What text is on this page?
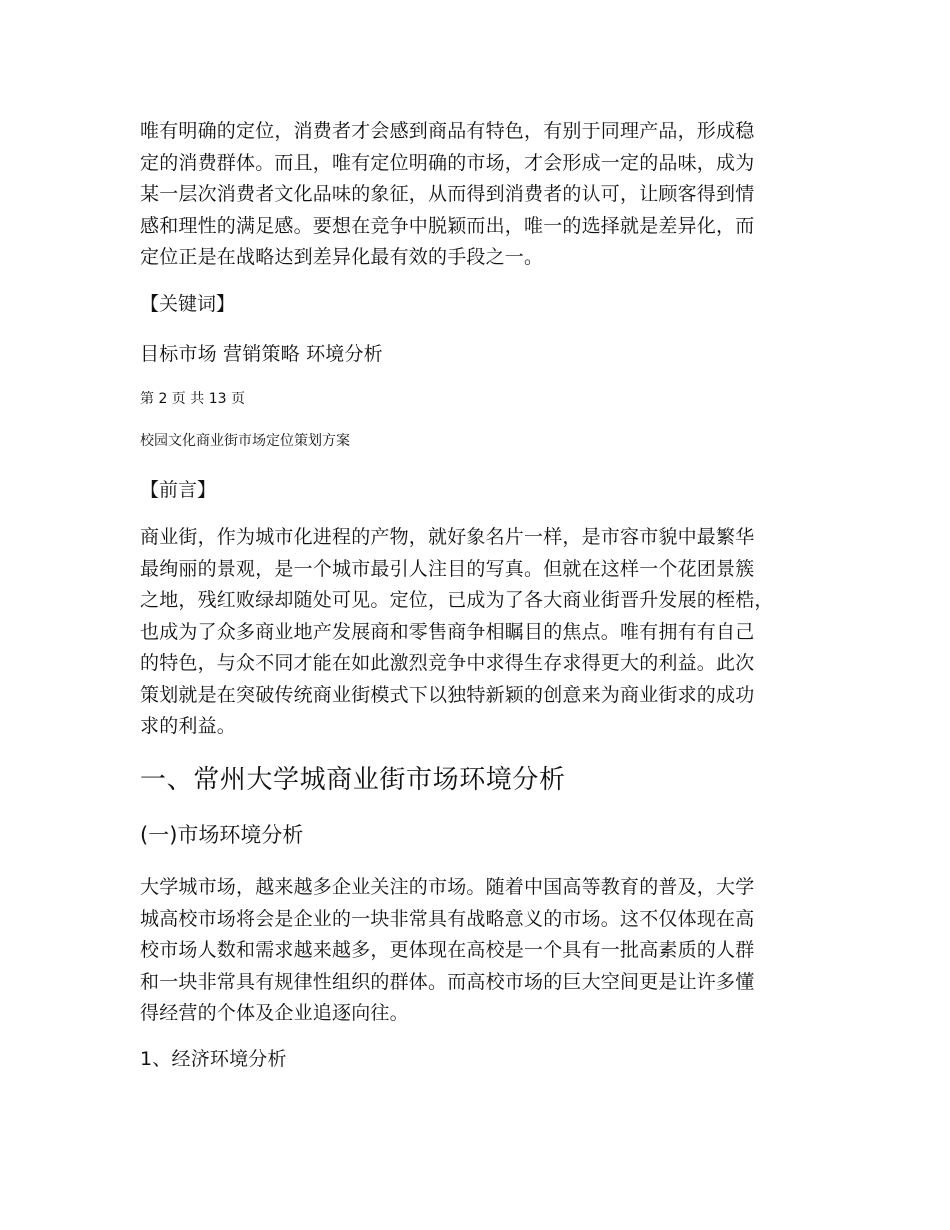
唯有明确的定位，消费者才会感到商品有特色，有别于同理产品，形成稳
定的消费群体。而且，唯有定位明确的市场，才会形成一定的品味，成为
某一层次消费者文化品味的象征，从而得到消费者的认可，让顾客得到情
感和理性的满足感。要想在竞争中脱颖而出，唯一的选择就是差异化，而
定位正是在战略达到差异化最有效的手段之一。
【关键词】
目标市场 营销策略 环境分析
第 2 页 共 13 页
校园文化商业街市场定位策划方案
【前言】
商业街，作为城市化进程的产物，就好象名片一样，是市容市貌中最繁华
最绚丽的景观，是一个城市最引人注目的写真。但就在这样一个花团景簇
之地，残红败绿却随处可见。定位，已成为了各大商业街晋升发展的桎梏，
也成为了众多商业地产发展商和零售商争相瞩目的焦点。唯有拥有有自己
的特色，与众不同才能在如此激烈竞争中求得生存求得更大的利益。此次
策划就是在突破传统商业街模式下以独特新颖的创意来为商业街求的成功
求的利益。
一、常州大学城商业街市场环境分析
(一)市场环境分析
大学城市场，越来越多企业关注的市场。随着中国高等教育的普及，大学
城高校市场将会是企业的一块非常具有战略意义的市场。这不仅体现在高
校市场人数和需求越来越多，更体现在高校是一个具有一批高素质的人群
和一块非常具有规律性组织的群体。而高校市场的巨大空间更是让许多懂
得经营的个体及企业追逐向往。
1、经济环境分析
